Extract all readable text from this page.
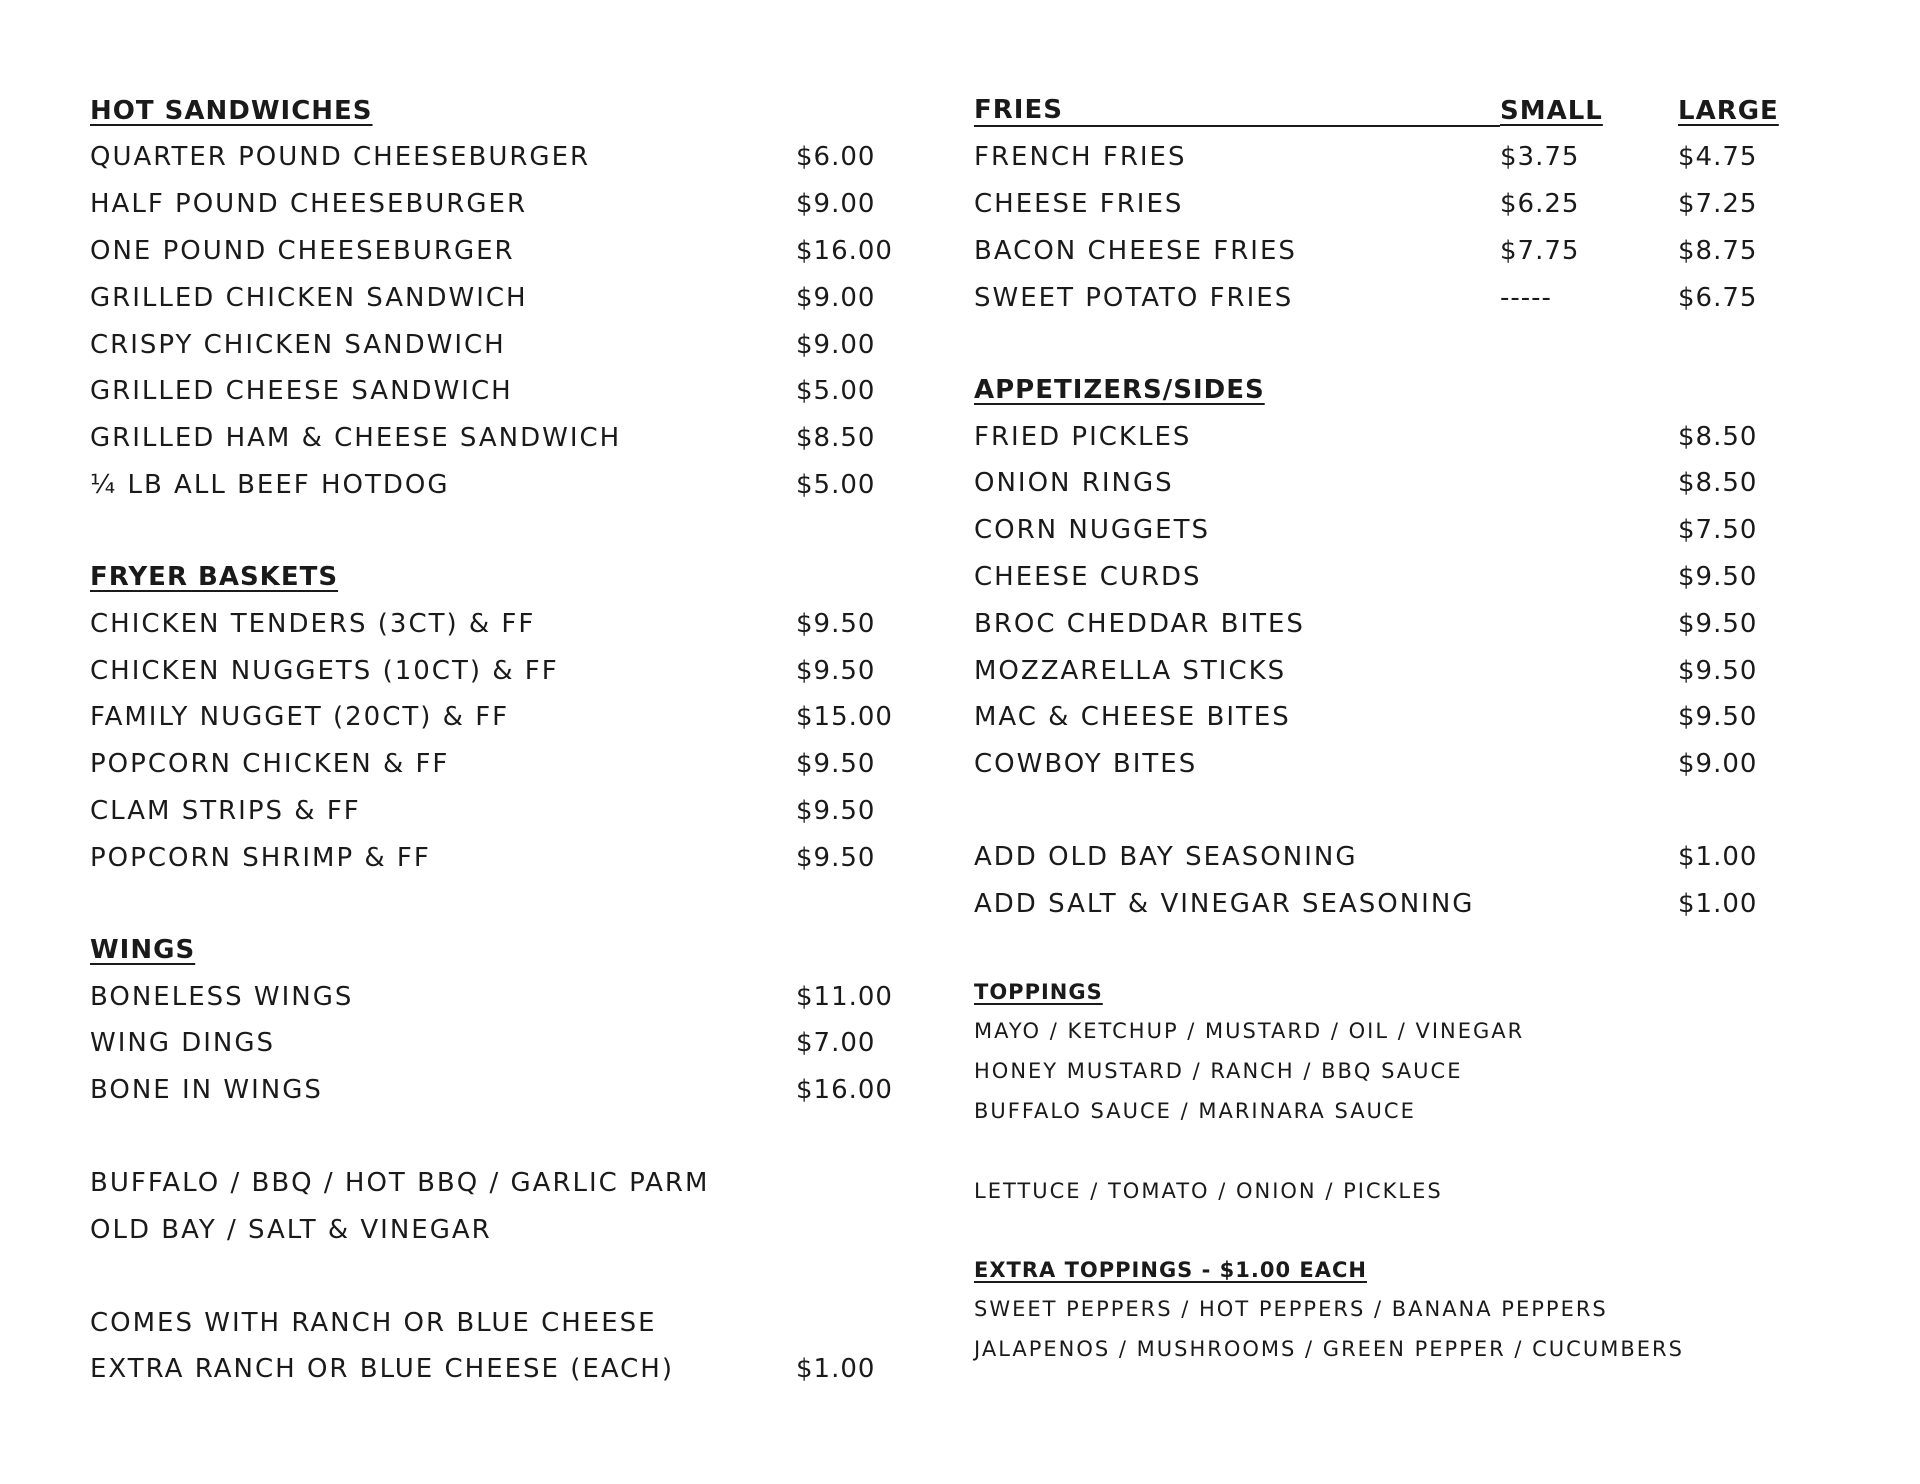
HOT SANDWICHES
QUARTER POUND CHEESEBURGER	$6.00
HALF POUND CHEESEBURGER	$9.00
ONE POUND CHEESEBURGER	$16.00
GRILLED CHICKEN SANDWICH	$9.00
CRISPY CHICKEN SANDWICH	$9.00
GRILLED CHEESE SANDWICH	$5.00
GRILLED HAM & CHEESE SANDWICH	$8.50
¼ LB ALL BEEF HOTDOG	$5.00
FRYER BASKETS
CHICKEN TENDERS (3CT) & FF	$9.50
CHICKEN NUGGETS (10CT) & FF	$9.50
FAMILY NUGGET (20CT) & FF	$15.00
POPCORN CHICKEN & FF	$9.50
CLAM STRIPS & FF	$9.50
POPCORN SHRIMP & FF	$9.50
WINGS
BONELESS WINGS	$11.00
WING DINGS	$7.00
BONE IN WINGS	$16.00
BUFFALO / BBQ / HOT BBQ / GARLIC PARM
OLD BAY / SALT & VINEGAR
COMES WITH RANCH OR BLUE CHEESE
EXTRA RANCH OR BLUE CHEESE (EACH)	$1.00
FRIES	SMALL	LARGE
FRENCH FRIES	$3.75	$4.75
CHEESE FRIES	$6.25	$7.25
BACON CHEESE FRIES	$7.75	$8.75
SWEET POTATO FRIES	-----	$6.75
APPETIZERS/SIDES
FRIED PICKLES	$8.50
ONION RINGS	$8.50
CORN NUGGETS	$7.50
CHEESE CURDS	$9.50
BROC CHEDDAR BITES	$9.50
MOZZARELLA STICKS	$9.50
MAC & CHEESE BITES	$9.50
COWBOY BITES	$9.00
ADD OLD BAY SEASONING	$1.00
ADD SALT & VINEGAR SEASONING	$1.00
TOPPINGS
MAYO / KETCHUP / MUSTARD / OIL / VINEGAR
HONEY MUSTARD / RANCH / BBQ SAUCE
BUFFALO SAUCE / MARINARA SAUCE
LETTUCE / TOMATO / ONION / PICKLES
EXTRA TOPPINGS - $1.00 EACH
SWEET PEPPERS / HOT PEPPERS / BANANA PEPPERS
JALAPENOS / MUSHROOMS / GREEN PEPPER / CUCUMBERS
